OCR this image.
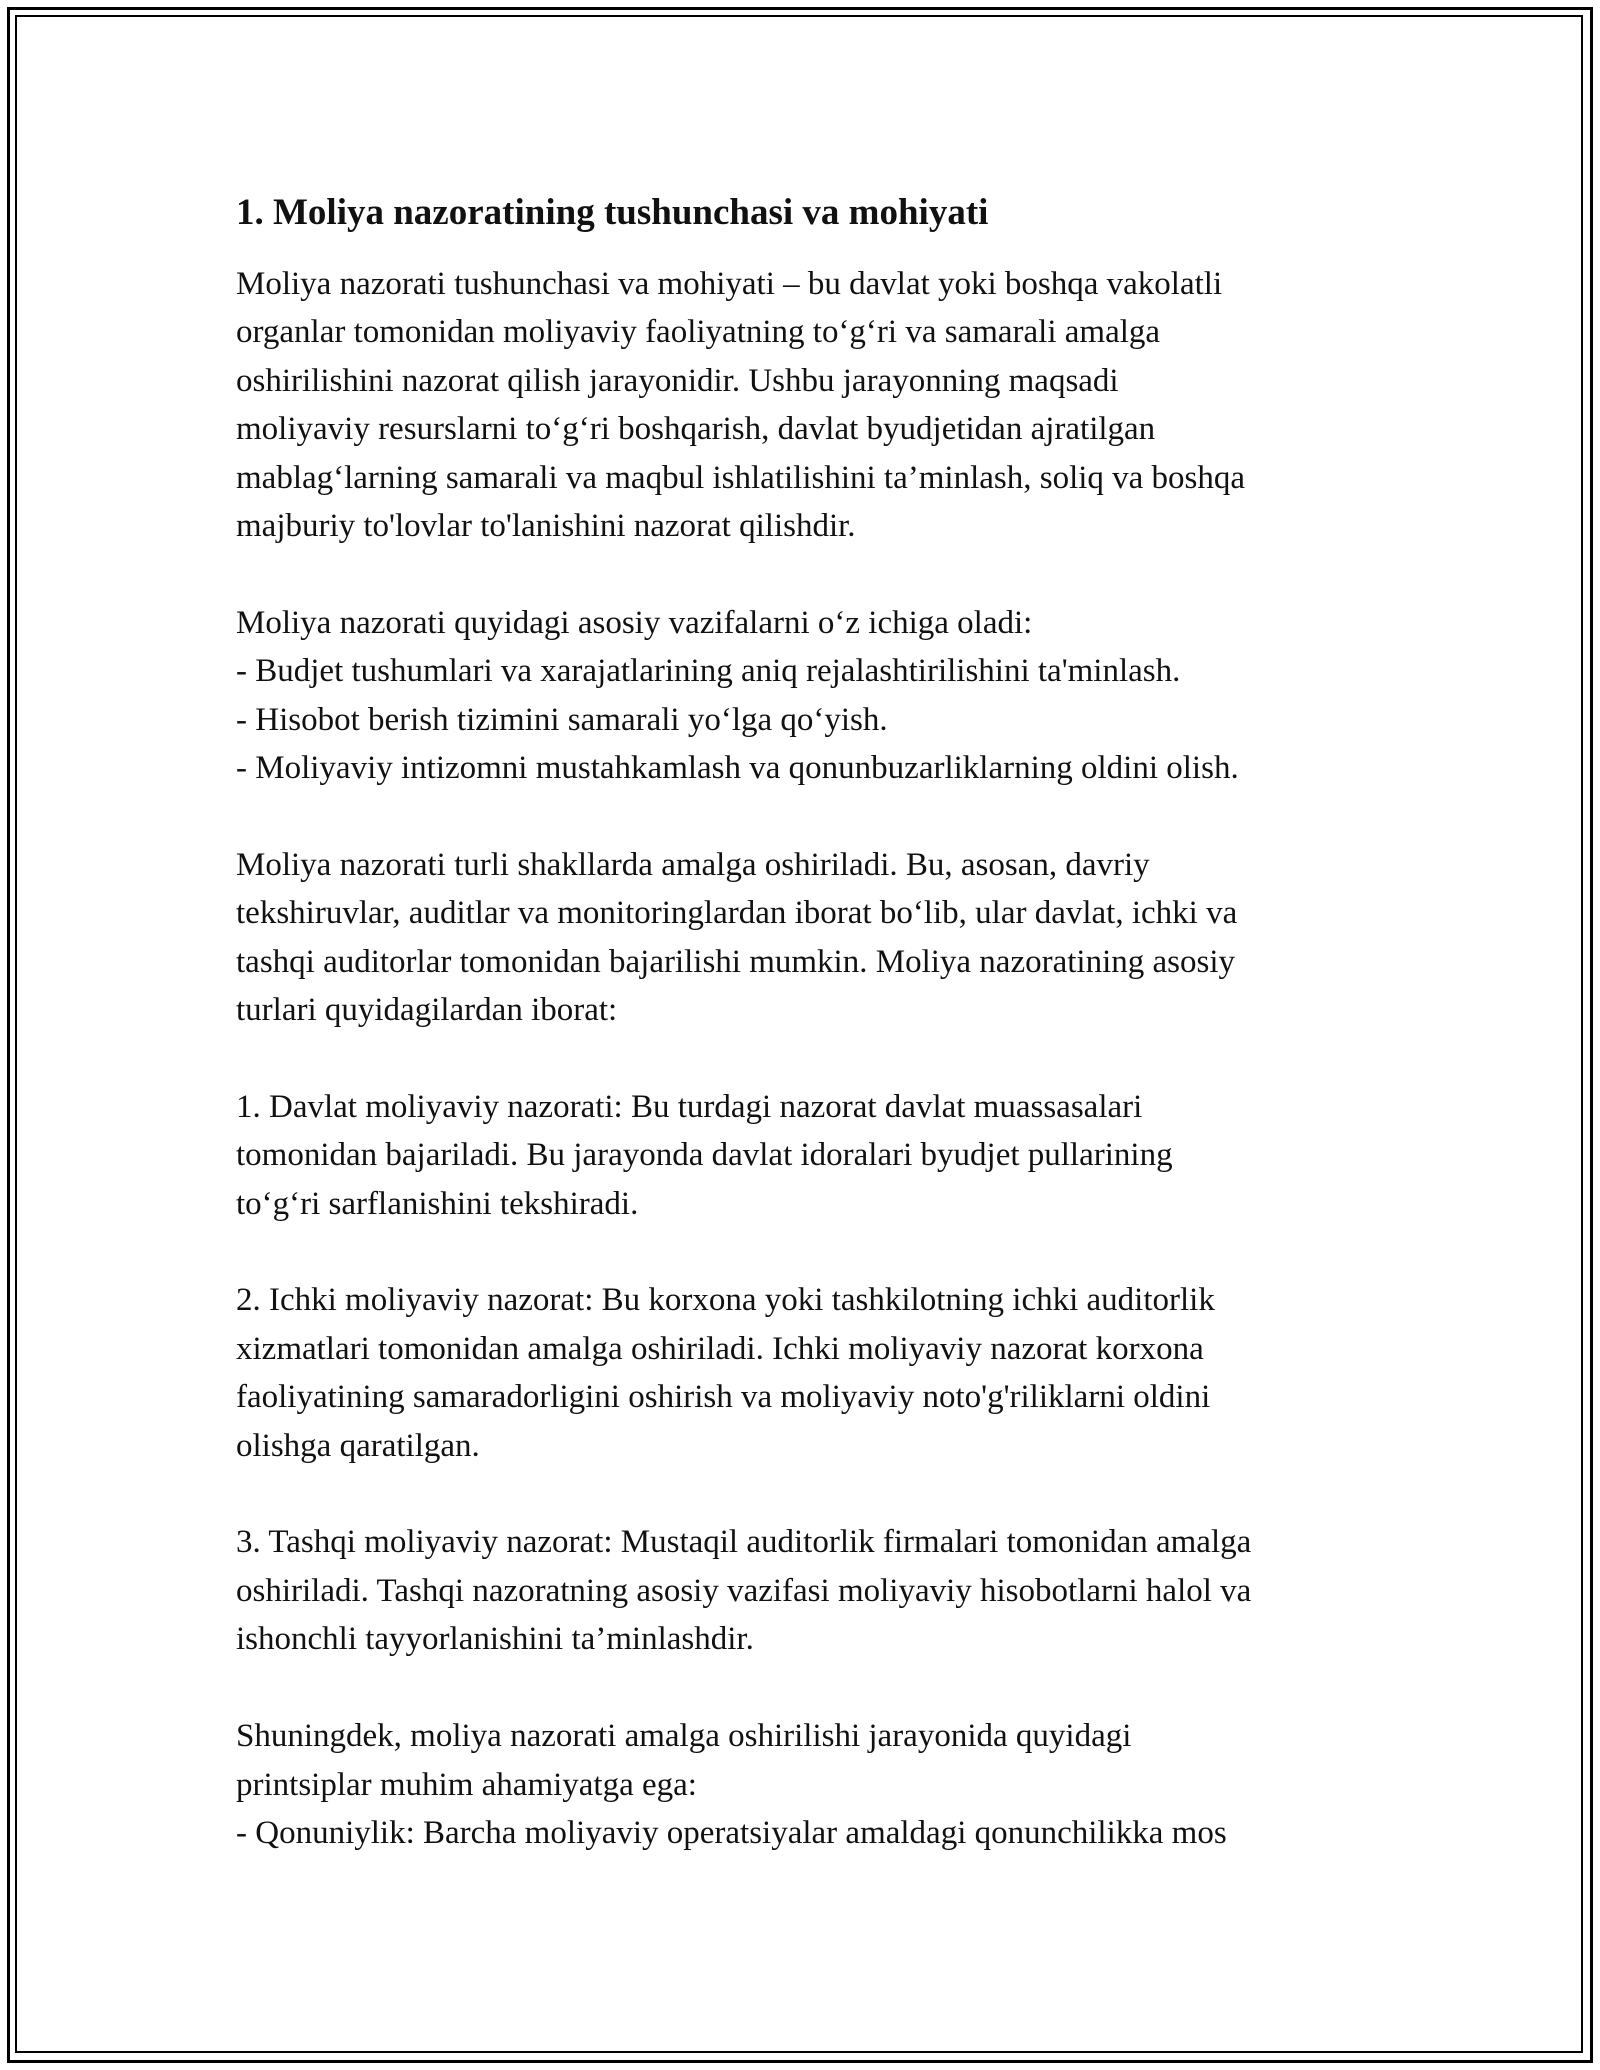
1. Moliya nazoratining tushunchasi va mohiyati
Moliya nazorati tushunchasi va mohiyati – bu davlat yoki boshqa vakolatli
organlar tomonidan moliyaviy faoliyatning to‘g‘ri va samarali amalga
oshirilishini nazorat qilish jarayonidir. Ushbu jarayonning maqsadi
moliyaviy resurslarni to‘g‘ri boshqarish, davlat byudjetidan ajratilgan
mablag‘larning samarali va maqbul ishlatilishini ta’minlash, soliq va boshqa
majburiy to'lovlar to'lanishini nazorat qilishdir.
Moliya nazorati quyidagi asosiy vazifalarni o‘z ichiga oladi:
- Budjet tushumlari va xarajatlarining aniq rejalashtirilishini ta'minlash.
- Hisobot berish tizimini samarali yo‘lga qo‘yish.
- Moliyaviy intizomni mustahkamlash va qonunbuzarliklarning oldini olish.
Moliya nazorati turli shakllarda amalga oshiriladi. Bu, asosan, davriy
tekshiruvlar, auditlar va monitoringlardan iborat bo‘lib, ular davlat, ichki va
tashqi auditorlar tomonidan bajarilishi mumkin. Moliya nazoratining asosiy
turlari quyidagilardan iborat:
1. Davlat moliyaviy nazorati: Bu turdagi nazorat davlat muassasalari
tomonidan bajariladi. Bu jarayonda davlat idoralari byudjet pullarining
to‘g‘ri sarflanishini tekshiradi.
2. Ichki moliyaviy nazorat: Bu korxona yoki tashkilotning ichki auditorlik
xizmatlari tomonidan amalga oshiriladi. Ichki moliyaviy nazorat korxona
faoliyatining samaradorligini oshirish va moliyaviy noto'g'riliklarni oldini
olishga qaratilgan.
3. Tashqi moliyaviy nazorat: Mustaqil auditorlik firmalari tomonidan amalga
oshiriladi. Tashqi nazoratning asosiy vazifasi moliyaviy hisobotlarni halol va
ishonchli tayyorlanishini ta’minlashdir.
Shuningdek, moliya nazorati amalga oshirilishi jarayonida quyidagi
printsiplar muhim ahamiyatga ega:
- Qonuniylik: Barcha moliyaviy operatsiyalar amaldagi qonunchilikka mos
